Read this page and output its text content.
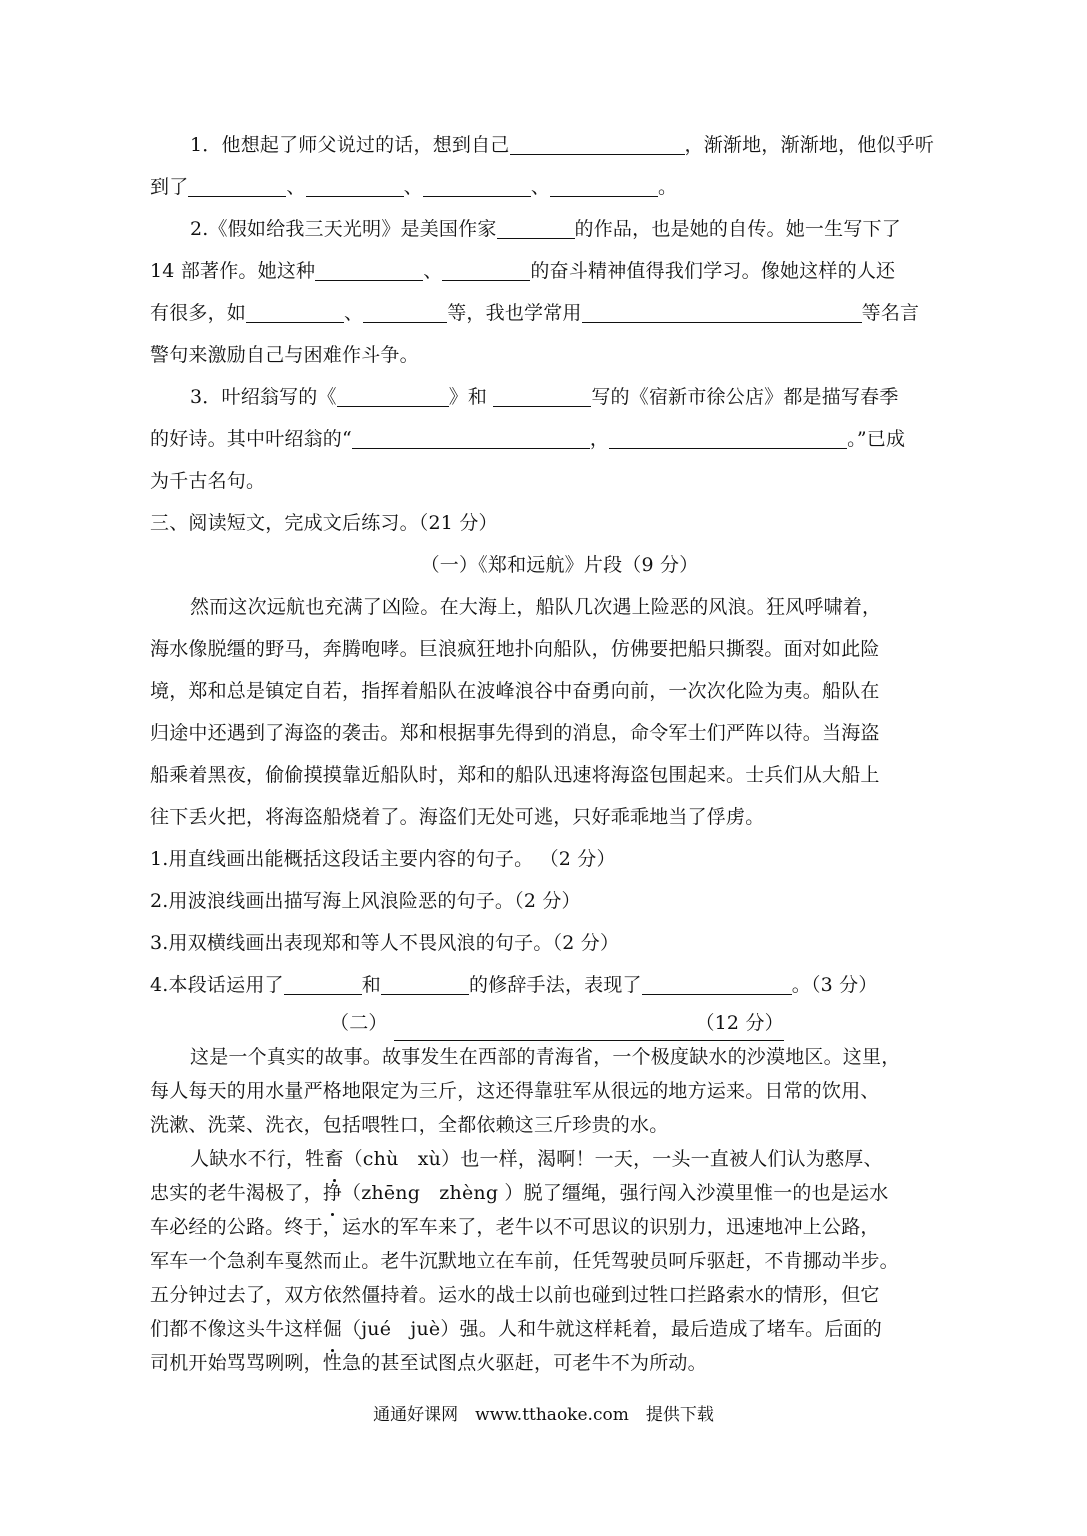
1．他想起了师父说过的话，想到自己	，渐渐地，渐渐地，他似乎听
到了	、	、	、	。
2.《假如给我三天光明》是美国作家	的作品，也是她的自传。她一生写下了
14 部著作。她这种	、	的奋斗精神值得我们学习。像她这样的人还
有很多，如	、	等，我也学常用	等名言
警句来激励自己与困难作斗争。
3．叶绍翁写的《	》和	写的《宿新市徐公店》都是描写春季
的好诗。其中叶绍翁的“	，	。”已成
为千古名句。
三、阅读短文，完成文后练习。（21 分）
（一）《郑和远航》片段（9 分）
然而这次远航也充满了凶险。在大海上，船队几次遇上险恶的风浪。狂风呼啸着，
海水像脱缰的野马，奔腾咆哮。巨浪疯狂地扑向船队，仿佛要把船只撕裂。面对如此险
境，郑和总是镇定自若，指挥着船队在波峰浪谷中奋勇向前，一次次化险为夷。船队在
归途中还遇到了海盗的袭击。郑和根据事先得到的消息，命令军士们严阵以待。当海盗
船乘着黑夜，偷偷摸摸靠近船队时，郑和的船队迅速将海盗包围起来。士兵们从大船上
往下丢火把，将海盗船烧着了。海盗们无处可逃，只好乖乖地当了俘虏。
1.用直线画出能概括这段话主要内容的句子。 （2 分）
2.用波浪线画出描写海上风浪险恶的句子。（2 分）
3.用双横线画出表现郑和等人不畏风浪的句子。（2 分）
4.本段话运用了	和	的修辞手法，表现了	。（3 分）
（二）	（12 分）
这是一个真实的故事。故事发生在西部的青海省，一个极度缺水的沙漠地区。这里，
每人每天的用水量严格地限定为三斤，这还得靠驻军从很远的地方运来。日常的饮用、
洗漱、洗菜、洗衣，包括喂牲口，全都依赖这三斤珍贵的水。
人缺水不行，牲畜（chù　xù）也一样，渴啊！一天，一头一直被人们认为憨厚、
忠实的老牛渴极了，挣（zhēng　zhèng ）脱了缰绳，强行闯入沙漠里惟一的也是运水
车必经的公路。终于，运水的军车来了，老牛以不可思议的识别力，迅速地冲上公路，
军车一个急刹车戛然而止。老牛沉默地立在车前，任凭驾驶员呵斥驱赶，不肯挪动半步。
五分钟过去了，双方依然僵持着。运水的战士以前也碰到过牲口拦路索水的情形，但它
们都不像这头牛这样倔（jué　juè）强。人和牛就这样耗着，最后造成了堵车。后面的
司机开始骂骂咧咧，性急的甚至试图点火驱赶，可老牛不为所动。
通通好课网　www.tthaoke.com　提供下载
